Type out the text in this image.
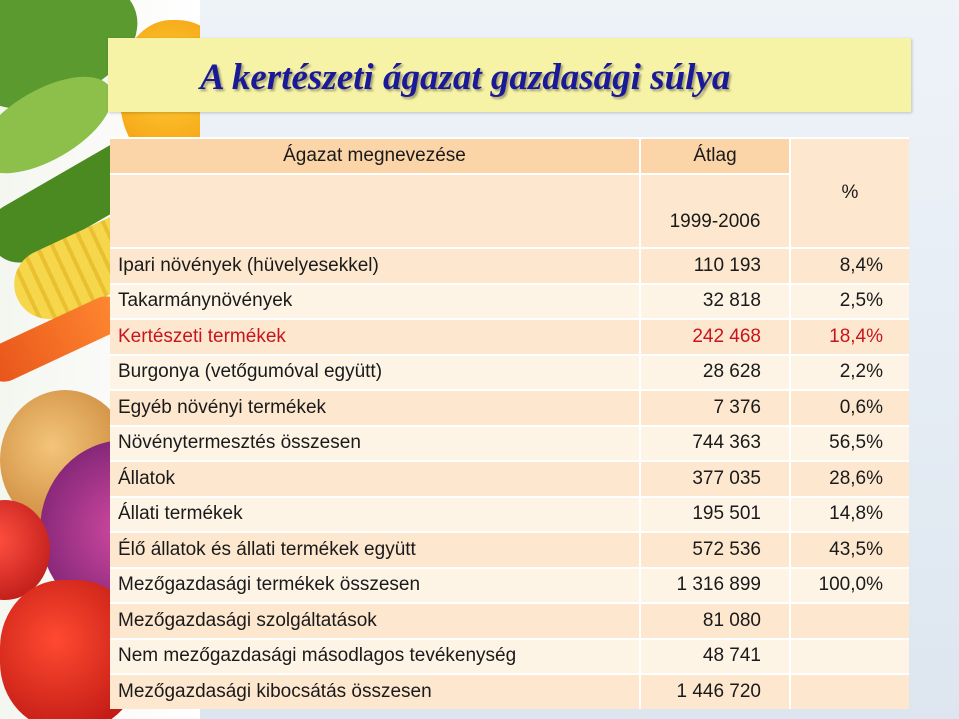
A kertészeti ágazat gazdasági súlya
Ágazat megnevezése	Átlag	%

	1999-2006	
Ipari növények (hüvelyesekkel)	110 193	8,4%
Takarmánynövények	32 818	2,5%
Kertészeti termékek	242 468	18,4%
Burgonya (vetőgumóval együtt)	28 628	2,2%
Egyéb növényi termékek	7 376	0,6%
Növénytermesztés összesen	744 363	56,5%
Állatok	377 035	28,6%
Állati termékek	195 501	14,8%
Élő állatok és állati termékek együtt	572 536	43,5%
Mezőgazdasági termékek összesen	1 316 899	100,0%
Mezőgazdasági szolgáltatások	81 080	
Nem mezőgazdasági másodlagos tevékenység	48 741	
Mezőgazdasági kibocsátás összesen	1 446 720	
